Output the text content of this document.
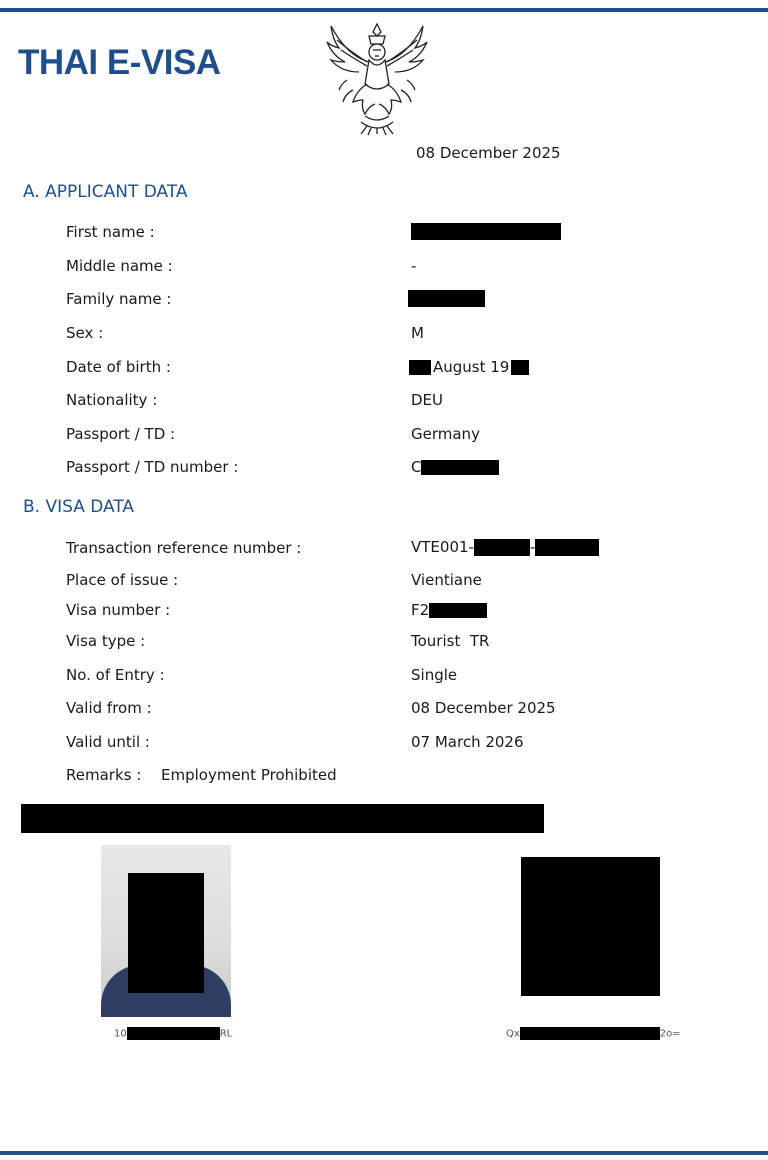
THAI E-VISA
08 December 2025
A. APPLICANT DATA
First name :
Middle name :	-
Family name :
Sex :	M
Date of birth :	August 19
Nationality :	DEU
Passport / TD :	Germany
Passport / TD number :	C
B. VISA DATA
Transaction reference number :	VTE001-	-
Place of issue :	Vientiane
Visa number :	F2
Visa type :	Tourist  TR
No. of Entry :	Single
Valid from :	08 December 2025
Valid until :	07 March 2026
Remarks : Employment Prohibited
10	RL	Qx	2o=
